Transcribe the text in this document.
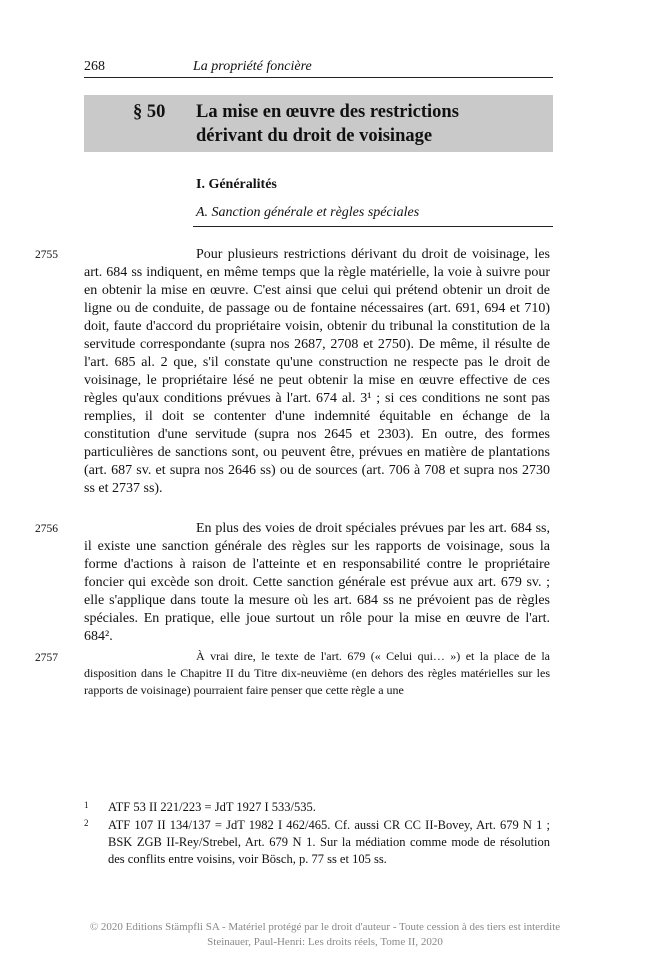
268	La propriété foncière
§ 50 La mise en œuvre des restrictions
dérivant du droit de voisinage
I. Généralités
A. Sanction générale et règles spéciales
2755	Pour plusieurs restrictions dérivant du droit de voisinage, les art. 684 ss indiquent, en même temps que la règle matérielle, la voie à suivre pour en obtenir la mise en œuvre. C'est ainsi que celui qui prétend obtenir un droit de ligne ou de conduite, de passage ou de fontaine nécessaires (art. 691, 694 et 710) doit, faute d'accord du propriétaire voisin, obtenir du tribunal la constitution de la servitude correspondante (supra nos 2687, 2708 et 2750). De même, il résulte de l'art. 685 al. 2 que, s'il constate qu'une construction ne respecte pas le droit de voisinage, le propriétaire lésé ne peut obtenir la mise en œuvre effective de ces règles qu'aux conditions prévues à l'art. 674 al. 3¹ ; si ces conditions ne sont pas remplies, il doit se contenter d'une indemnité équitable en échange de la constitution d'une servitude (supra nos 2645 et 2303). En outre, des formes particulières de sanctions sont, ou peuvent être, prévues en matière de plantations (art. 687 sv. et supra nos 2646 ss) ou de sources (art. 706 à 708 et supra nos 2730 ss et 2737 ss).
2756	En plus des voies de droit spéciales prévues par les art. 684 ss, il existe une sanction générale des règles sur les rapports de voisinage, sous la forme d'actions à raison de l'atteinte et en responsabilité contre le propriétaire foncier qui excède son droit. Cette sanction générale est prévue aux art. 679 sv. ; elle s'applique dans toute la mesure où les art. 684 ss ne prévoient pas de règles spéciales. En pratique, elle joue surtout un rôle pour la mise en œuvre de l'art. 684².
2757	À vrai dire, le texte de l'art. 679 (« Celui qui… ») et la place de la disposition dans le Chapitre II du Titre dix-neuvième (en dehors des règles matérielles sur les rapports de voisinage) pourraient faire penser que cette règle a une
1 ATF 53 II 221/223 = JdT 1927 I 533/535.
2 ATF 107 II 134/137 = JdT 1982 I 462/465. Cf. aussi CR CC II-Bovey, Art. 679 N 1 ; BSK ZGB II-Rey/Strebel, Art. 679 N 1. Sur la médiation comme mode de résolution des conflits entre voisins, voir Bösch, p. 77 ss et 105 ss.
© 2020 Editions Stämpfli SA - Matériel protégé par le droit d'auteur - Toute cession à des tiers est interdite
Steinauer, Paul-Henri: Les droits réels, Tome II, 2020
